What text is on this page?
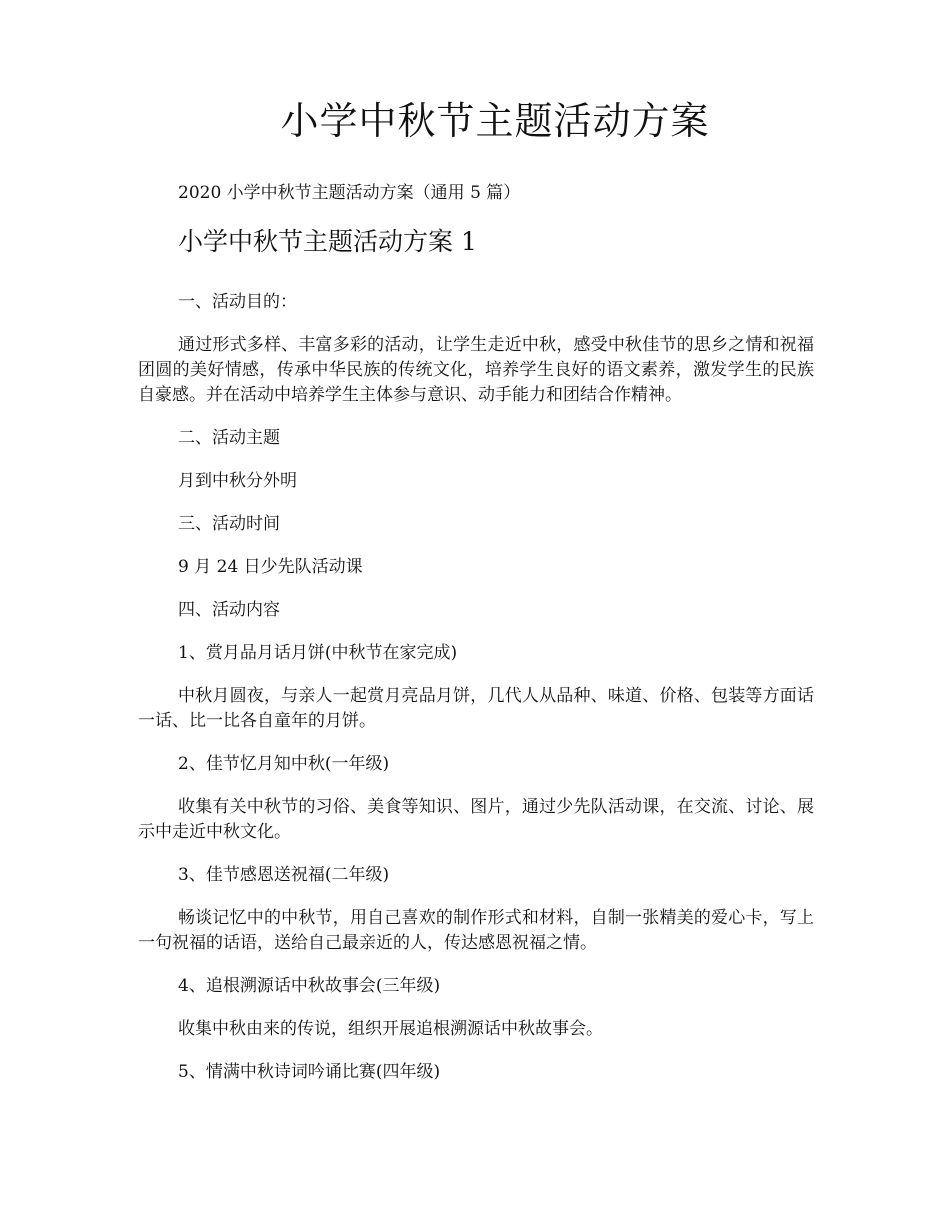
小学中秋节主题活动方案

2020 小学中秋节主题活动方案（通用 5 篇）

小学中秋节主题活动方案 1

一、活动目的：

通过形式多样、丰富多彩的活动，让学生走近中秋，感受中秋佳节的思乡之情和祝福团圆的美好情感，传承中华民族的传统文化，培养学生良好的语文素养，激发学生的民族自豪感。并在活动中培养学生主体参与意识、动手能力和团结合作精神。

二、活动主题

月到中秋分外明

三、活动时间

9 月 24 日少先队活动课

四、活动内容

1、赏月品月话月饼(中秋节在家完成)

中秋月圆夜，与亲人一起赏月亮品月饼，几代人从品种、味道、价格、包装等方面话一话、比一比各自童年的月饼。

2、佳节忆月知中秋(一年级)

收集有关中秋节的习俗、美食等知识、图片，通过少先队活动课，在交流、讨论、展示中走近中秋文化。

3、佳节感恩送祝福(二年级)

畅谈记忆中的中秋节，用自己喜欢的制作形式和材料，自制一张精美的爱心卡，写上一句祝福的话语，送给自己最亲近的人，传达感恩祝福之情。

4、追根溯源话中秋故事会(三年级)

收集中秋由来的传说，组织开展追根溯源话中秋故事会。

5、情满中秋诗词吟诵比赛(四年级)
